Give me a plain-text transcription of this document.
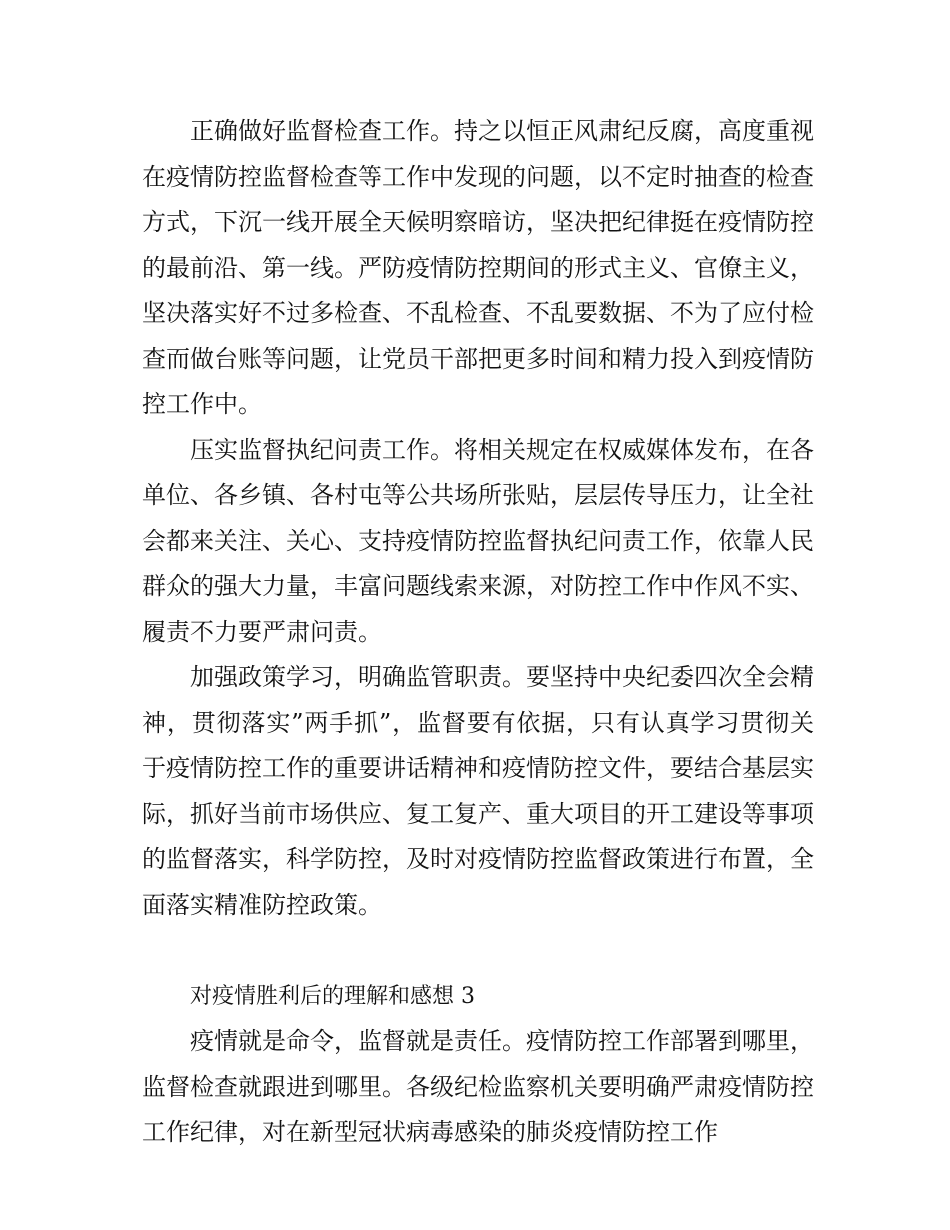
正确做好监督检查工作。持之以恒正风肃纪反腐，高度重视在疫情防控监督检查等工作中发现的问题，以不定时抽查的检查方式，下沉一线开展全天候明察暗访，坚决把纪律挺在疫情防控的最前沿、第一线。严防疫情防控期间的形式主义、官僚主义，坚决落实好不过多检查、不乱检查、不乱要数据、不为了应付检查而做台账等问题，让党员干部把更多时间和精力投入到疫情防控工作中。

压实监督执纪问责工作。将相关规定在权威媒体发布，在各单位、各乡镇、各村屯等公共场所张贴，层层传导压力，让全社会都来关注、关心、支持疫情防控监督执纪问责工作，依靠人民群众的强大力量，丰富问题线索来源，对防控工作中作风不实、履责不力要严肃问责。

加强政策学习，明确监管职责。要坚持中央纪委四次全会精神，贯彻落实”两手抓”，监督要有依据，只有认真学习贯彻关于疫情防控工作的重要讲话精神和疫情防控文件，要结合基层实际，抓好当前市场供应、复工复产、重大项目的开工建设等事项的监督落实，科学防控，及时对疫情防控监督政策进行布置，全面落实精准防控政策。

对疫情胜利后的理解和感想 3

疫情就是命令，监督就是责任。疫情防控工作部署到哪里，监督检查就跟进到哪里。各级纪检监察机关要明确严肃疫情防控工作纪律，对在新型冠状病毒感染的肺炎疫情防控工作
